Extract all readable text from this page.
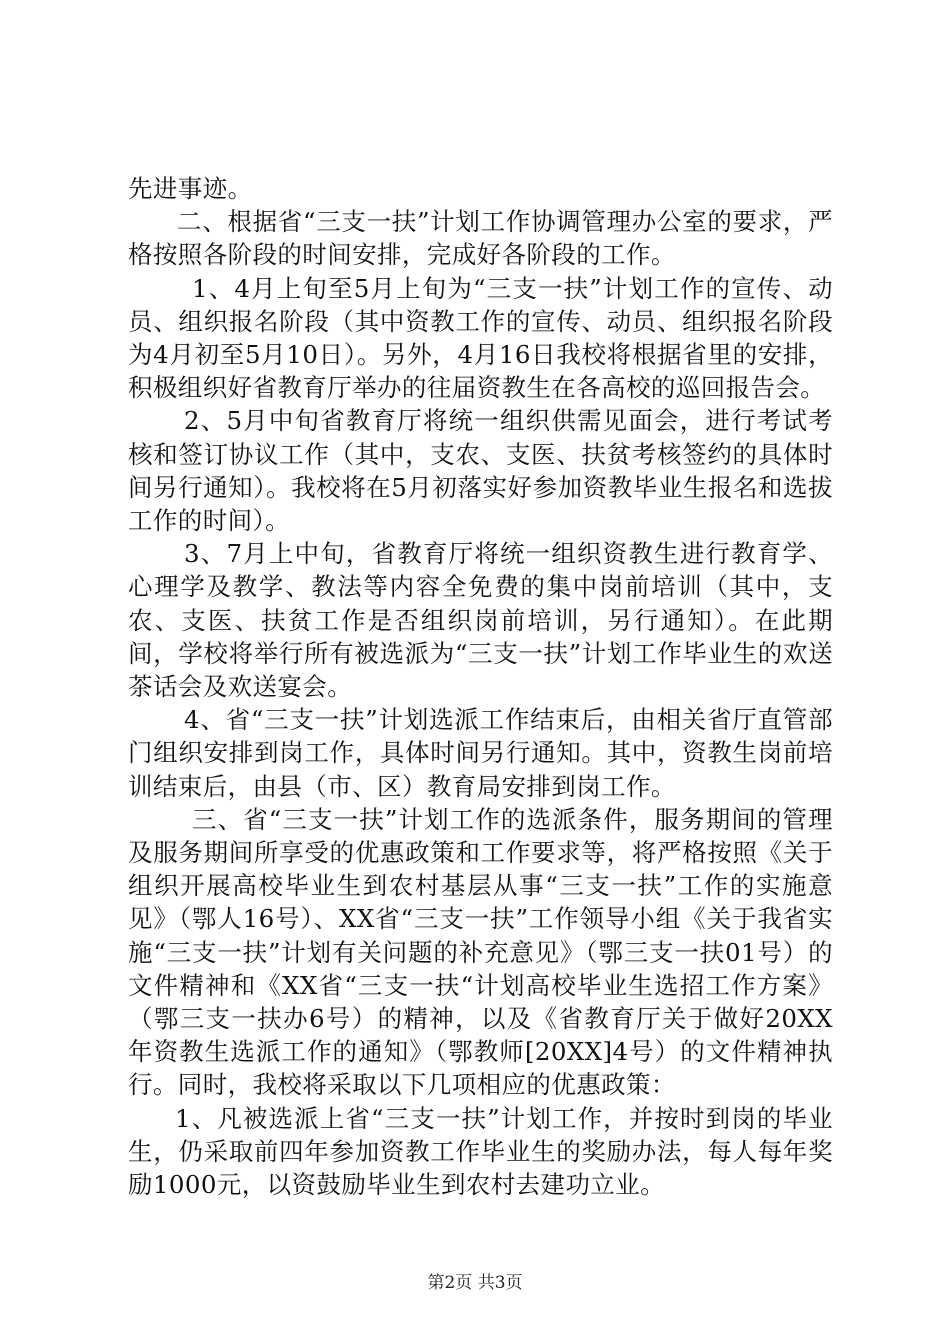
先进事迹。

二、根据省“三支一扶”计划工作协调管理办公室的要求，严格按照各阶段的时间安排，完成好各阶段的工作。

1、4月上旬至5月上旬为“三支一扶”计划工作的宣传、动员、组织报名阶段（其中资教工作的宣传、动员、组织报名阶段为4月初至5月10日）。另外，4月16日我校将根据省里的安排，积极组织好省教育厅举办的往届资教生在各高校的巡回报告会。

2、5月中旬省教育厅将统一组织供需见面会，进行考试考核和签订协议工作（其中，支农、支医、扶贫考核签约的具体时间另行通知）。我校将在5月初落实好参加资教毕业生报名和选拔工作的时间）。

3、7月上中旬，省教育厅将统一组织资教生进行教育学、心理学及教学、教法等内容全免费的集中岗前培训（其中，支农、支医、扶贫工作是否组织岗前培训，另行通知）。在此期间，学校将举行所有被选派为“三支一扶”计划工作毕业生的欢送茶话会及欢送宴会。

4、省“三支一扶”计划选派工作结束后，由相关省厅直管部门组织安排到岗工作，具体时间另行通知。其中，资教生岗前培训结束后，由县（市、区）教育局安排到岗工作。

三、省“三支一扶”计划工作的选派条件，服务期间的管理及服务期间所享受的优惠政策和工作要求等，将严格按照《关于组织开展高校毕业生到农村基层从事“三支一扶”工作的实施意见》（鄂人16号）、XX省“三支一扶”工作领导小组《关于我省实施“三支一扶”计划有关问题的补充意见》（鄂三支一扶01号）的文件精神和《XX省“三支一扶“计划高校毕业生选招工作方案》（鄂三支一扶办6号）的精神，以及《省教育厅关于做好20XX年资教生选派工作的通知》（鄂教师[20XX]4号）的文件精神执行。同时，我校将采取以下几项相应的优惠政策：

1、凡被选派上省“三支一扶”计划工作，并按时到岗的毕业生，仍采取前四年参加资教工作毕业生的奖励办法，每人每年奖励1000元，以资鼓励毕业生到农村去建功立业。

第2页 共3页
